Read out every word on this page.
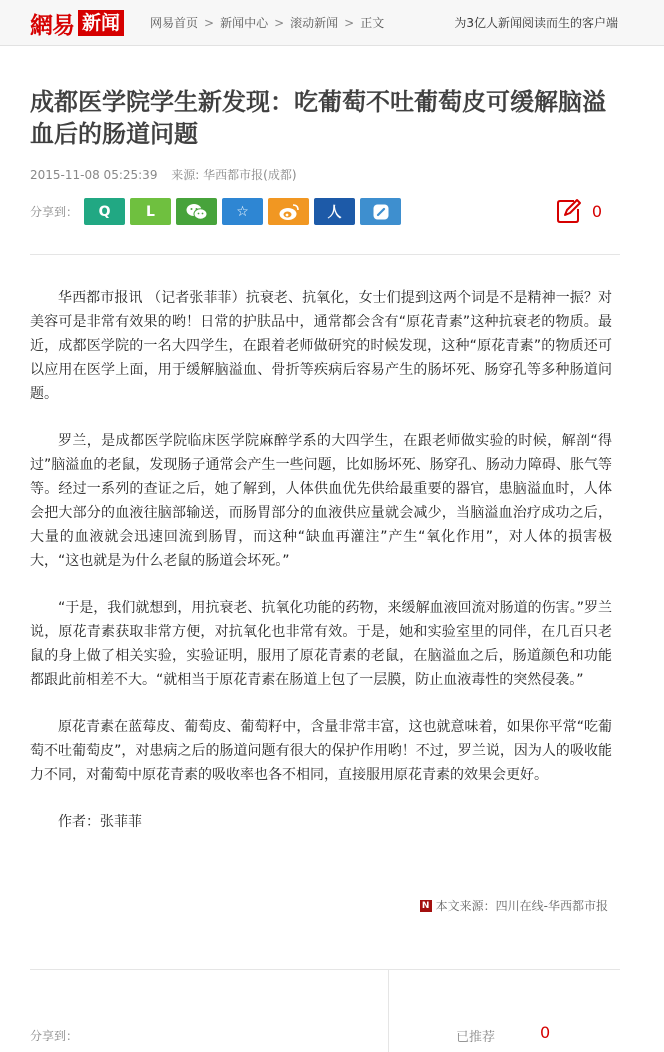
網易 新闻	网易首页 > 新闻中心 > 滚动新闻 > 正文	为3亿人新闻阅读而生的客户端
成都医学院学生新发现：吃葡萄不吐葡萄皮可缓解脑溢血后的肠道问题
2015-11-08 05:25:39 来源: 华西都市报(成都)
分享到： Q	L	☆	人	0

华西都市报讯 （记者张菲菲）抗衰老、抗氧化，女士们提到这两个词是不是精神一振？对美容可是非常有效果的哟！日常的护肤品中，通常都会含有“原花青素”这种抗衰老的物质。最近，成都医学院的一名大四学生，在跟着老师做研究的时候发现，这种“原花青素”的物质还可以应用在医学上面，用于缓解脑溢血、骨折等疾病后容易产生的肠坏死、肠穿孔等多种肠道问题。

罗兰，是成都医学院临床医学院麻醉学系的大四学生，在跟老师做实验的时候，解剖“得过”脑溢血的老鼠，发现肠子通常会产生一些问题，比如肠坏死、肠穿孔、肠动力障碍、胀气等等。经过一系列的查证之后，她了解到，人体供血优先供给最重要的器官，患脑溢血时，人体会把大部分的血液往脑部输送，而肠胃部分的血液供应量就会减少，当脑溢血治疗成功之后，大量的血液就会迅速回流到肠胃，而这种“缺血再灌注”产生“氧化作用”，对人体的损害极大，“这也就是为什么老鼠的肠道会坏死。”

“于是，我们就想到，用抗衰老、抗氧化功能的药物，来缓解血液回流对肠道的伤害。”罗兰说，原花青素获取非常方便，对抗氧化也非常有效。于是，她和实验室里的同伴，在几百只老鼠的身上做了相关实验，实验证明，服用了原花青素的老鼠，在脑溢血之后，肠道颜色和功能都跟此前相差不大。“就相当于原花青素在肠道上包了一层膜，防止血液毒性的突然侵袭。”

原花青素在蓝莓皮、葡萄皮、葡萄籽中，含量非常丰富，这也就意味着，如果你平常“吃葡萄不吐葡萄皮”，对患病之后的肠道问题有很大的保护作用哟！不过，罗兰说，因为人的吸收能力不同，对葡萄中原花青素的吸收率也各不相同，直接服用原花青素的效果会更好。

作者：张菲菲

N 本文来源：四川在线-华西都市报
分享到：	已推荐	0
